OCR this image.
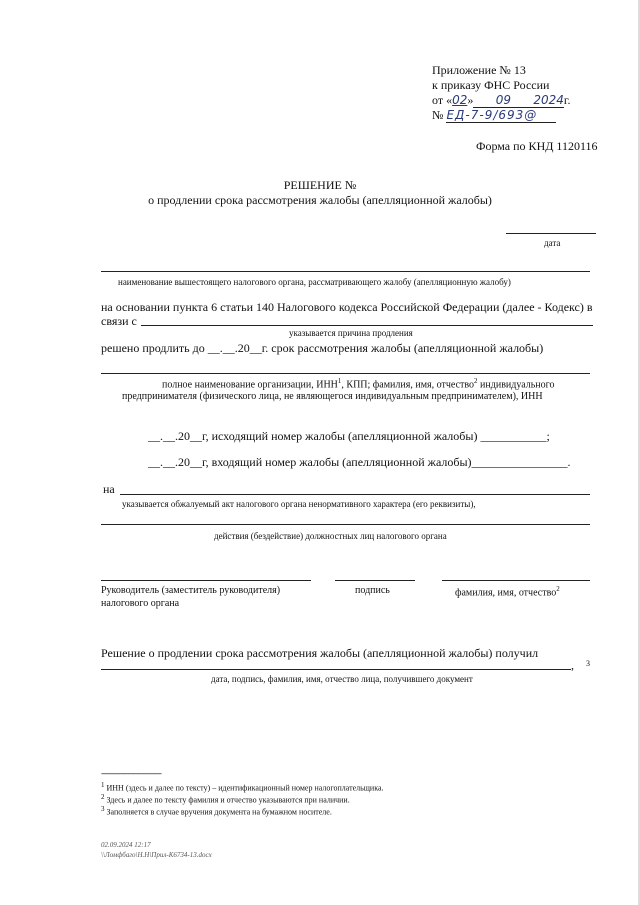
Приложение № 13
к приказу ФНС России
от «02» 09 2024г.
№ ЕД-7-9/693@
Форма по КНД 1120116
РЕШЕНИЕ №
о продлении срока рассмотрения жалобы (апелляционной жалобы)
дата
наименование вышестоящего налогового органа, рассматривающего жалобу (апелляционную жалобу)
на основании пункта 6 статьи 140 Налогового кодекса Российской Федерации (далее - Кодекс) в
связи с
указывается причина продления
решено продлить до __.__.20__г. срок рассмотрения жалобы (апелляционной жалобы)
полное наименование организации, ИНН$^1$, КПП; фамилия, имя, отчество$^2$ индивидуального
предпринимателя (физического лица, не являющегося индивидуальным предпринимателем), ИНН
__.__.20__г, исходящий номер жалобы (апелляционной жалобы) ___________;
__.__.20__г, входящий номер жалобы (апелляционной жалобы)________________.
на
указывается обжалуемый акт налогового органа ненормативного характера (его реквизиты),
действия (бездействие) должностных лиц налогового органа
Руководитель (заместитель руководителя)
налогового органа
подпись	фамилия, имя, отчество$^2$
Решение о продлении срока рассмотрения жалобы (апелляционной жалобы) получил
, 3
дата, подпись, фамилия, имя, отчество лица, получившего документ
------------------------------------
$^1$ ИНН (здесь и далее по тексту) – идентификационный номер налогоплательщика.
$^2$ Здесь и далее по тексту фамилия и отчество указываются при наличии.
$^3$ Заполняется в случае вручения документа на бумажном носителе.
02.09.2024 12:17
\\Ломфбаго\Н.Н\Прил-К6734-13.docx
